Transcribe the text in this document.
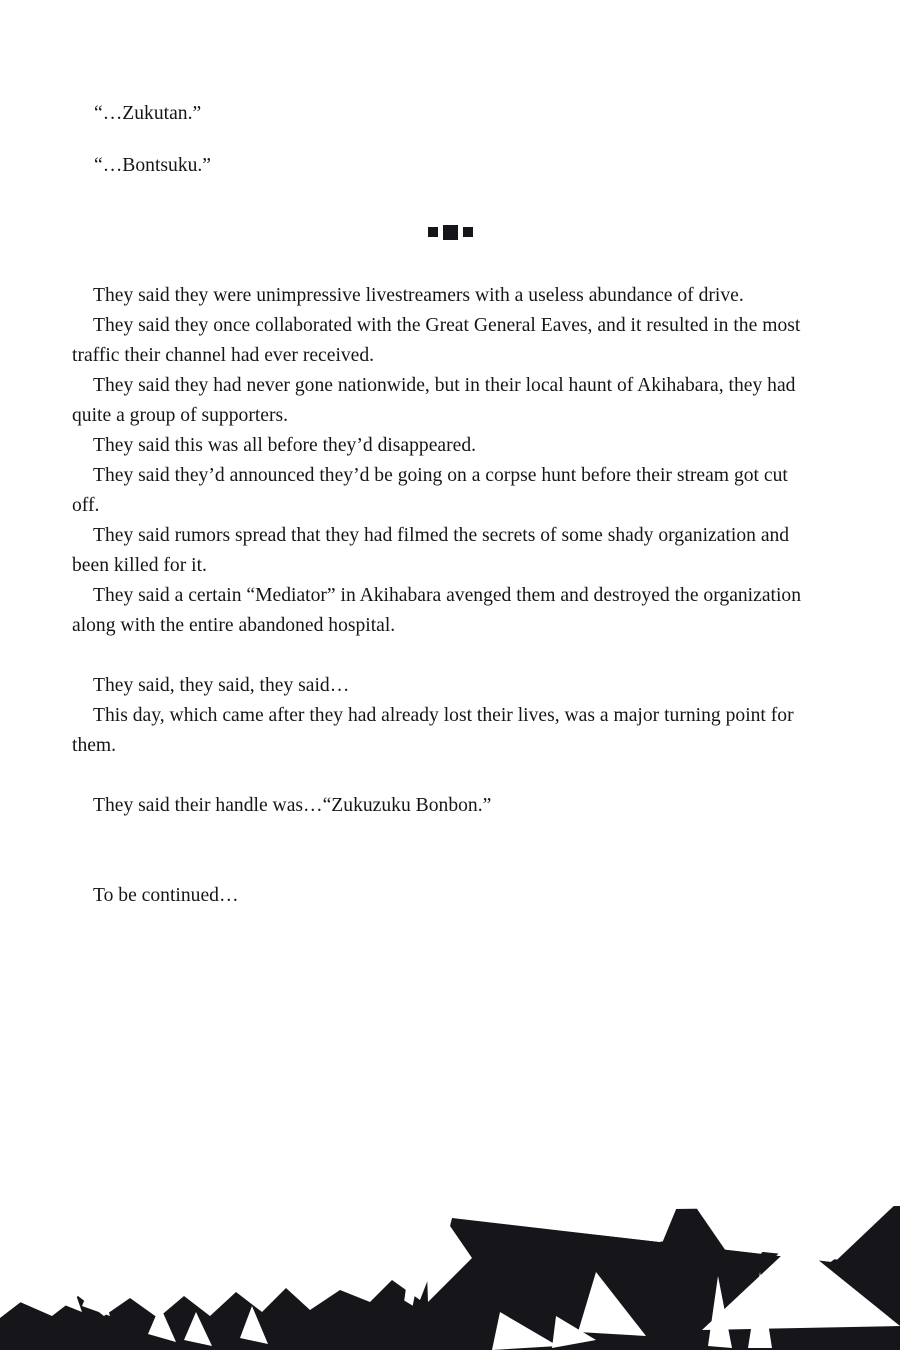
“…Zukutan.”

“…Bontsuku.”

They said they were unimpressive livestreamers with a useless abundance of drive.

They said they once collaborated with the Great General Eaves, and it resulted in the most traffic their channel had ever received.

They said they had never gone nationwide, but in their local haunt of Akihabara, they had quite a group of supporters.

They said this was all before they’d disappeared.

They said they’d announced they’d be going on a corpse hunt before their stream got cut off.

They said rumors spread that they had filmed the secrets of some shady organization and been killed for it.

They said a certain “Mediator” in Akihabara avenged them and destroyed the organization along with the entire abandoned hospital.

They said, they said, they said…

This day, which came after they had already lost their lives, was a major turning point for them.

They said their handle was…“Zukuzuku Bonbon.”

To be continued…
